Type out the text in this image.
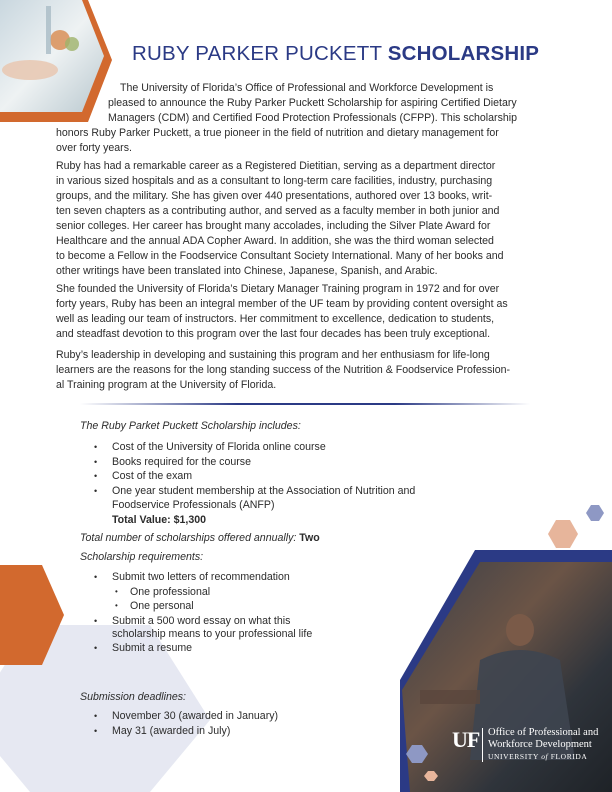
RUBY PARKER PUCKETT SCHOLARSHIP

The University of Florida’s Office of Professional and Workforce Development is
pleased to announce the Ruby Parker Puckett Scholarship for aspiring Certified Dietary
Managers (CDM) and Certified Food Protection Professionals (CFPP). This scholarship
honors Ruby Parker Puckett, a true pioneer in the field of nutrition and dietary management for
over forty years.

Ruby has had a remarkable career as a Registered Dietitian, serving as a department director
in various sized hospitals and as a consultant to long-term care facilities, industry, purchasing
groups, and the military. She has given over 440 presentations, authored over 13 books, writ-
ten seven chapters as a contributing author, and served as a faculty member in both junior and
senior colleges. Her career has brought many accolades, including the Silver Plate Award for
Healthcare and the annual ADA Copher Award. In addition, she was the third woman selected
to become a Fellow in the Foodservice Consultant Society International. Many of her books and
other writings have been translated into Chinese, Japanese, Spanish, and Arabic.

She founded the University of Florida’s Dietary Manager Training program in 1972 and for over
forty years, Ruby has been an integral member of the UF team by providing content oversight as
well as leading our team of instructors. Her commitment to excellence, dedication to students,
and steadfast devotion to this program over the last four decades has been truly exceptional.

Ruby’s leadership in developing and sustaining this program and her enthusiasm for life-long
learners are the reasons for the long standing success of the Nutrition & Foodservice Profession-
al Training program at the University of Florida.

The Ruby Parket Puckett Scholarship includes:
• Cost of the University of Florida online course
• Books required for the course
• Cost of the exam
• One year student membership at the Association of Nutrition and
Foodservice Professionals (ANFP)
Total Value: $1,300
Total number of scholarships offered annually: Two
Scholarship requirements:
• Submit two letters of recommendation
• One professional
• One personal
• Submit a 500 word essay on what this
scholarship means to your professional life
• Submit a resume
Submission deadlines:
• November 30 (awarded in January)
• May 31 (awarded in July)	UF Office of Professional and
Workforce Development
UNIVERSITY of FLORIDA
